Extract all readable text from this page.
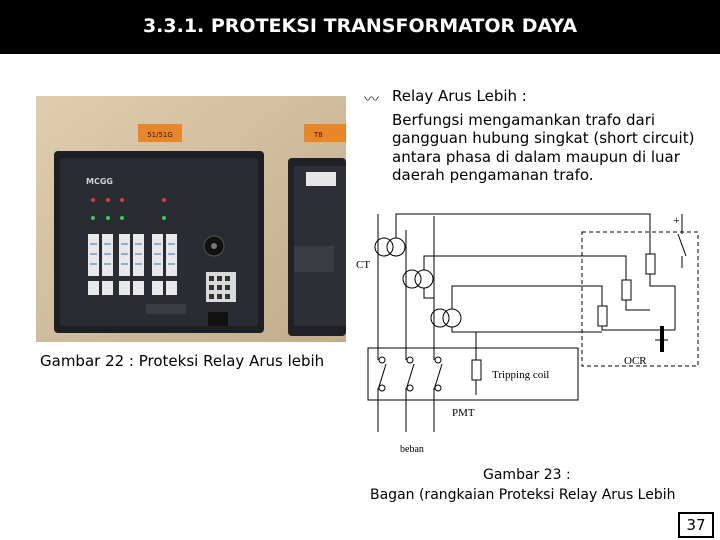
3.3.1. PROTEKSI TRANSFORMATOR DAYA
51/51G	T8
MCGG
Gambar 22 : Proteksi Relay Arus lebih
〰 Relay Arus Lebih :
Berfungsi mengamankan trafo dari gangguan hubung singkat (short circuit) antara phasa di dalam maupun di luar daerah pengamanan trafo.
+
CT
OCR
Tripping coil
PMT
beban
Gambar 23 :
Bagan (rangkaian Proteksi Relay Arus Lebih
37
